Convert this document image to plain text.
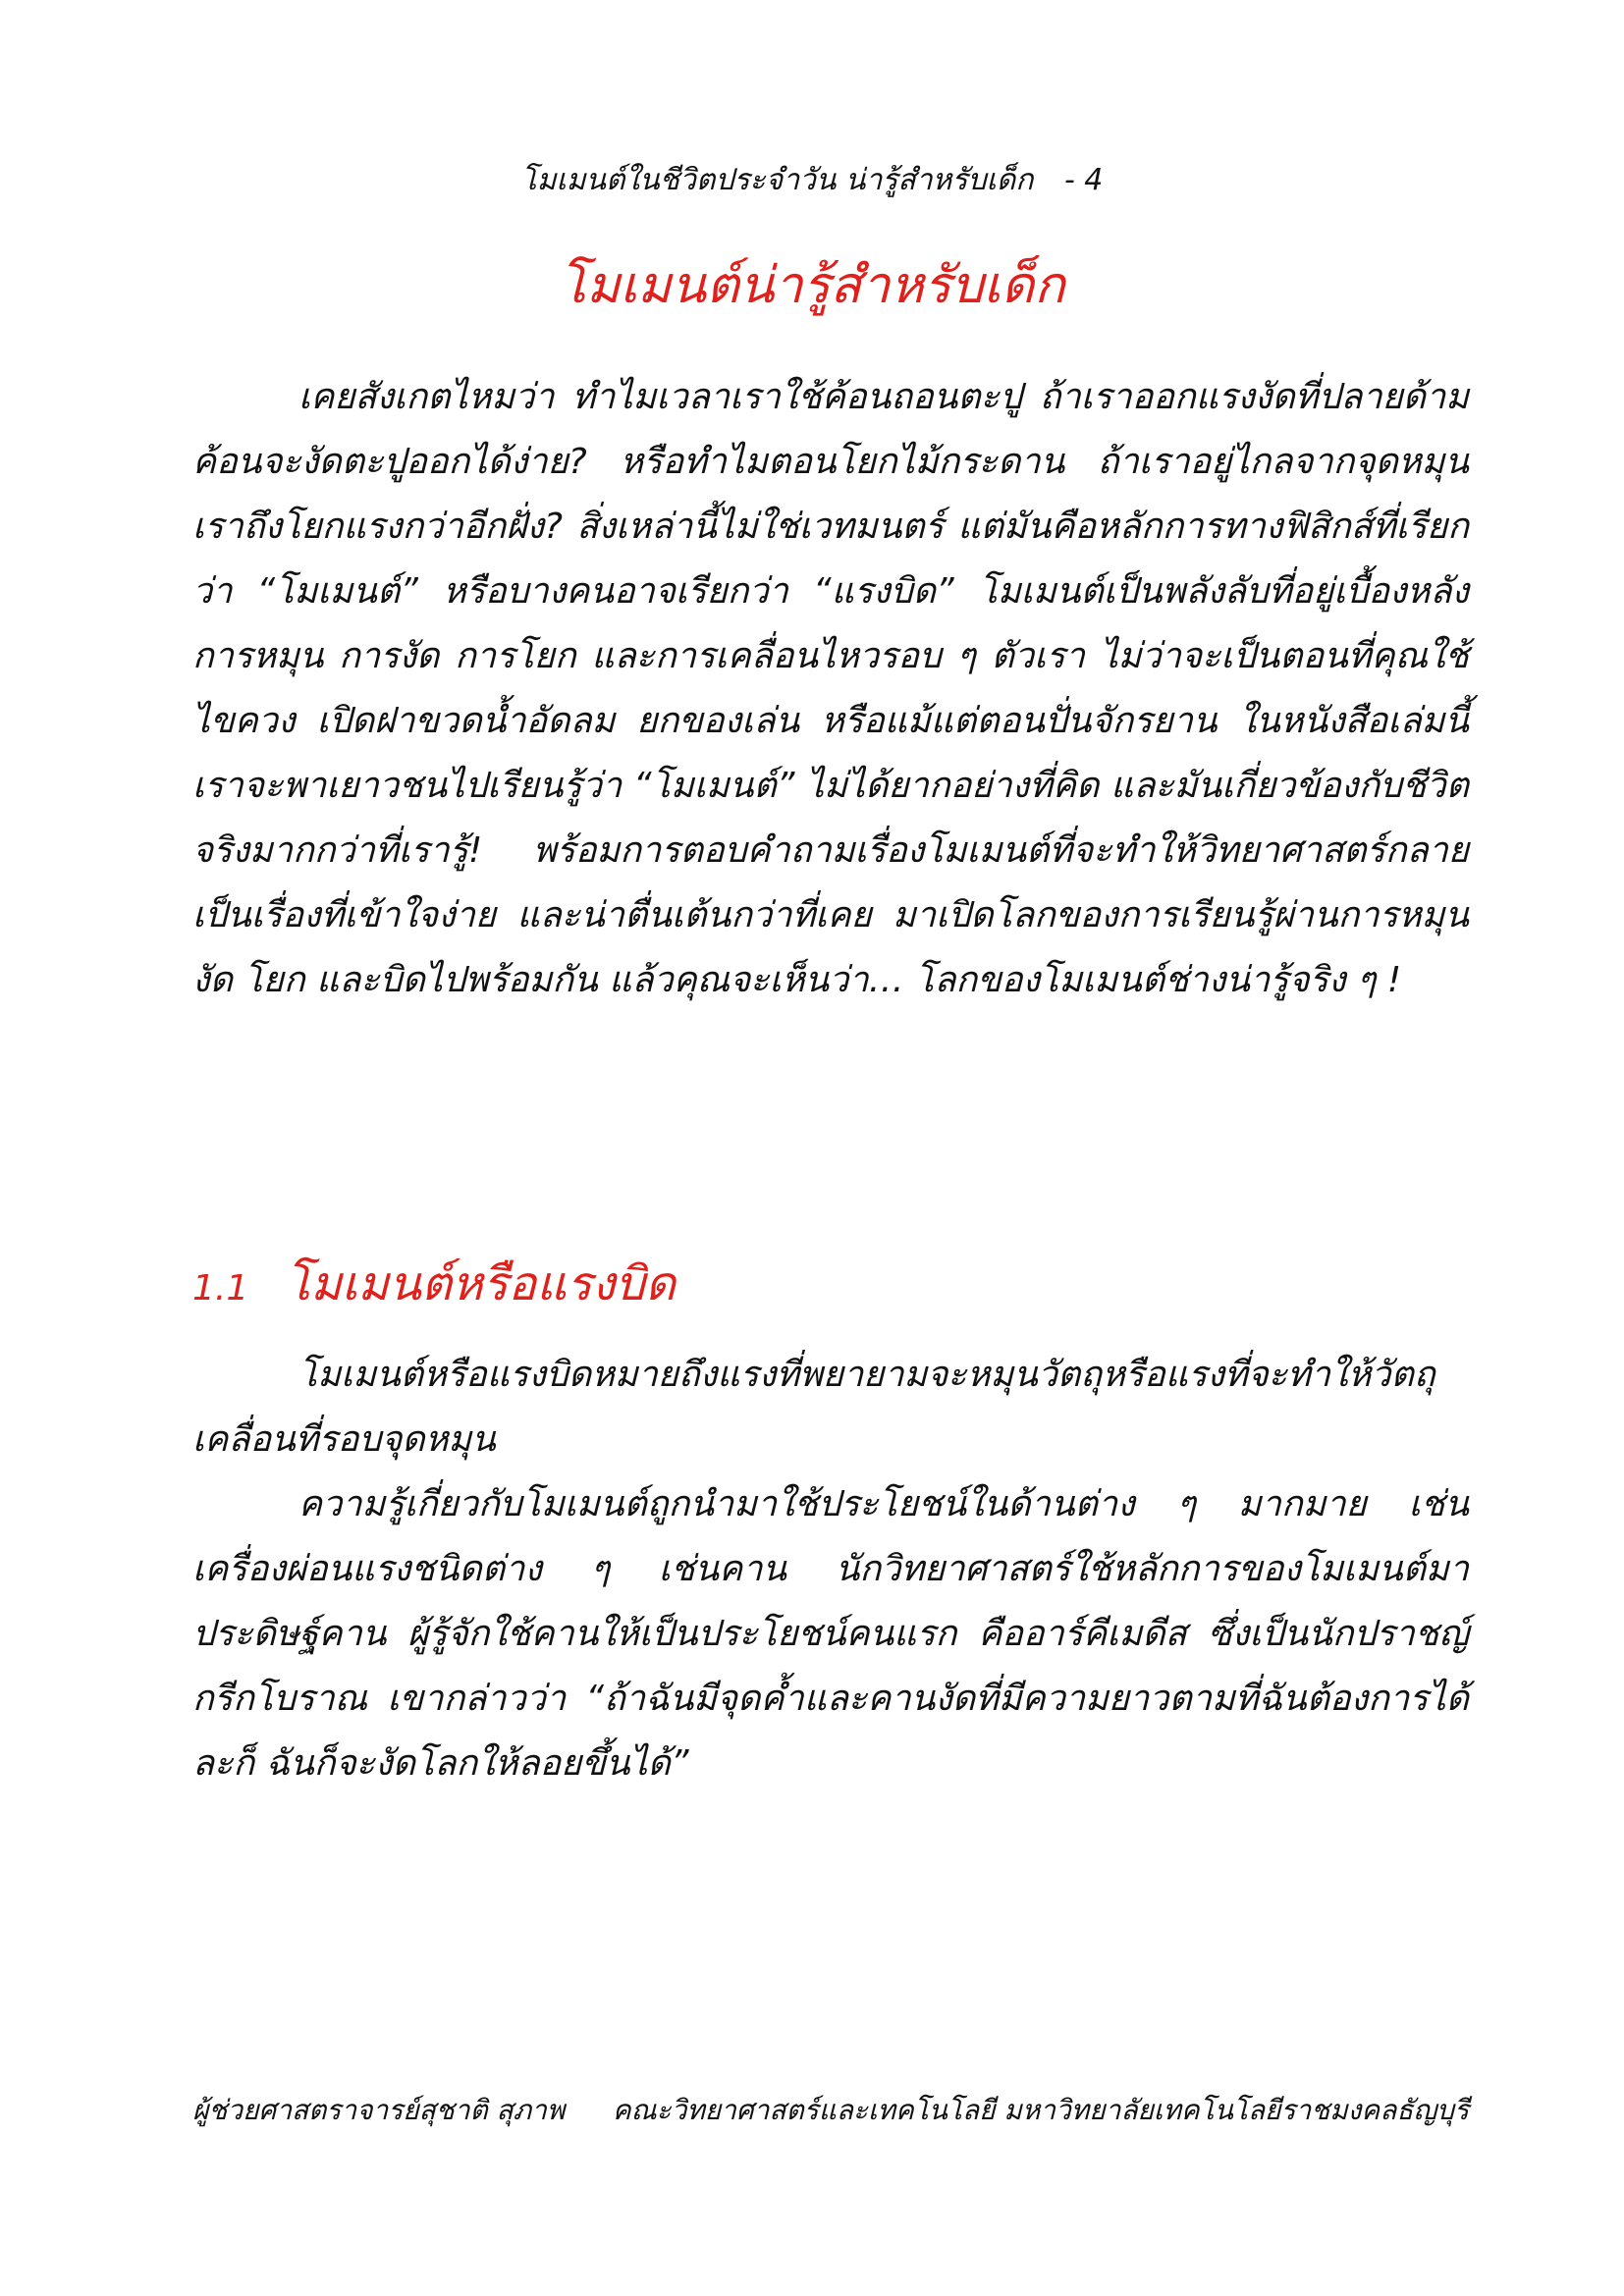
โมเมนต์ในชีวิตประจำวัน น่ารู้สำหรับเด็ก - 4
โมเมนต์น่ารู้สำหรับเด็ก

เคยสังเกตไหมว่า ทำไมเวลาเราใช้ค้อนถอนตะปู ถ้าเราออกแรงงัดที่ปลายด้ามค้อนจะงัดตะปูออกได้ง่าย? หรือทำไมตอนโยกไม้กระดาน ถ้าเราอยู่ไกลจากจุดหมุน เราถึงโยกแรงกว่าอีกฝั่ง? สิ่งเหล่านี้ไม่ใช่เวทมนตร์ แต่มันคือหลักการทางฟิสิกส์ที่เรียกว่า “โมเมนต์” หรือบางคนอาจเรียกว่า “แรงบิด” โมเมนต์เป็นพลังลับที่อยู่เบื้องหลังการหมุน การงัด การโยก และการเคลื่อนไหวรอบ ๆ ตัวเรา ไม่ว่าจะเป็นตอนที่คุณใช้ไขควง เปิดฝาขวดน้ำอัดลม ยกของเล่น หรือแม้แต่ตอนปั่นจักรยาน ในหนังสือเล่มนี้ เราจะพาเยาวชนไปเรียนรู้ว่า “โมเมนต์” ไม่ได้ยากอย่างที่คิด และมันเกี่ยวข้องกับชีวิตจริงมากกว่าที่เรารู้! พร้อมการตอบคำถามเรื่องโมเมนต์ที่จะทำให้วิทยาศาสตร์กลายเป็นเรื่องที่เข้าใจง่าย และน่าตื่นเต้นกว่าที่เคย มาเปิดโลกของการเรียนรู้ผ่านการหมุน งัด โยก และบิดไปพร้อมกัน แล้วคุณจะเห็นว่า… โลกของโมเมนต์ช่างน่ารู้จริง ๆ !

1.1 โมเมนต์หรือแรงบิด

โมเมนต์หรือแรงบิดหมายถึงแรงที่พยายามจะหมุนวัตถุหรือแรงที่จะทำให้วัตถุเคลื่อนที่รอบจุดหมุน

ความรู้เกี่ยวกับโมเมนต์ถูกนำมาใช้ประโยชน์ในด้านต่าง ๆ มากมาย เช่นเครื่องผ่อนแรงชนิดต่าง ๆ เช่นคาน นักวิทยาศาสตร์ใช้หลักการของโมเมนต์มาประดิษฐ์คาน ผู้รู้จักใช้คานให้เป็นประโยชน์คนแรก คืออาร์คีเมดีส ซึ่งเป็นนักปราชญ์กรีกโบราณ เขากล่าวว่า “ถ้าฉันมีจุดค้ำและคานงัดที่มีความยาวตามที่ฉันต้องการได้ละก็ ฉันก็จะงัดโลกให้ลอยขึ้นได้”

ผู้ช่วยศาสตราจารย์สุชาติ สุภาพ คณะวิทยาศาสตร์และเทคโนโลยี มหาวิทยาลัยเทคโนโลยีราชมงคลธัญบุรี
